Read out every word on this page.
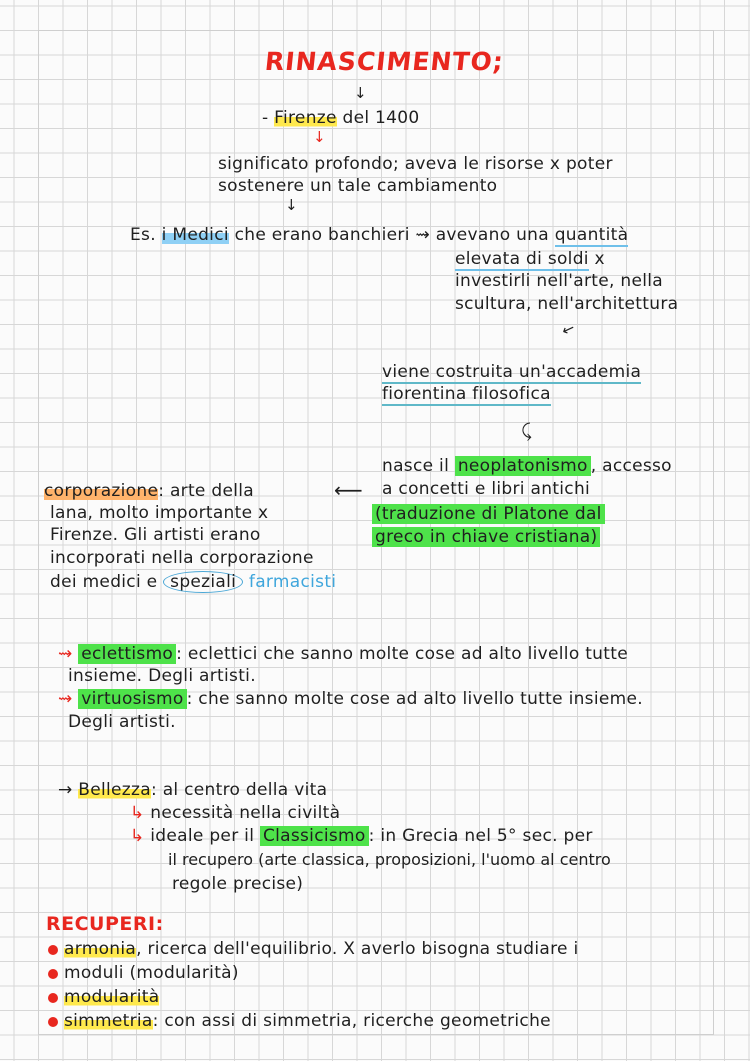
RINASCIMENTO;
↓
- Firenze del 1400
↓
significato profondo; aveva le risorse x poter
sostenere un tale cambiamento
↓
Es. i Medici che erano banchieri ⇝ avevano una quantità
elevata di soldi x
investirli nell'arte, nella
scultura, nell'architettura
↙
viene costruita un'accademia
fiorentina filosofica
⤹
nasce il neoplatonismo , accesso
a concetti e libri antichi
(traduzione di Platone dal
greco in chiave cristiana)
⟵
corporazione: arte della
lana, molto importante x
Firenze. Gli artisti erano
incorporati nella corporazione
dei medici e speziali farmacisti
⇝ eclettismo : eclettici che sanno molte cose ad alto livello tutte
insieme. Degli artisti.
⇝ virtuosismo : che sanno molte cose ad alto livello tutte insieme.
Degli artisti.
→ Bellezza: al centro della vita
↳ necessità nella civiltà
↳ ideale per il Classicismo : in Grecia nel 5° sec. per
il recupero (arte classica, proposizioni, l'uomo al centro
regole precise)
RECUPERI:
armonia, ricerca dell'equilibrio. X averlo bisogna studiare i
moduli (modularità)
modularità
simmetria: con assi di simmetria, ricerche geometriche
